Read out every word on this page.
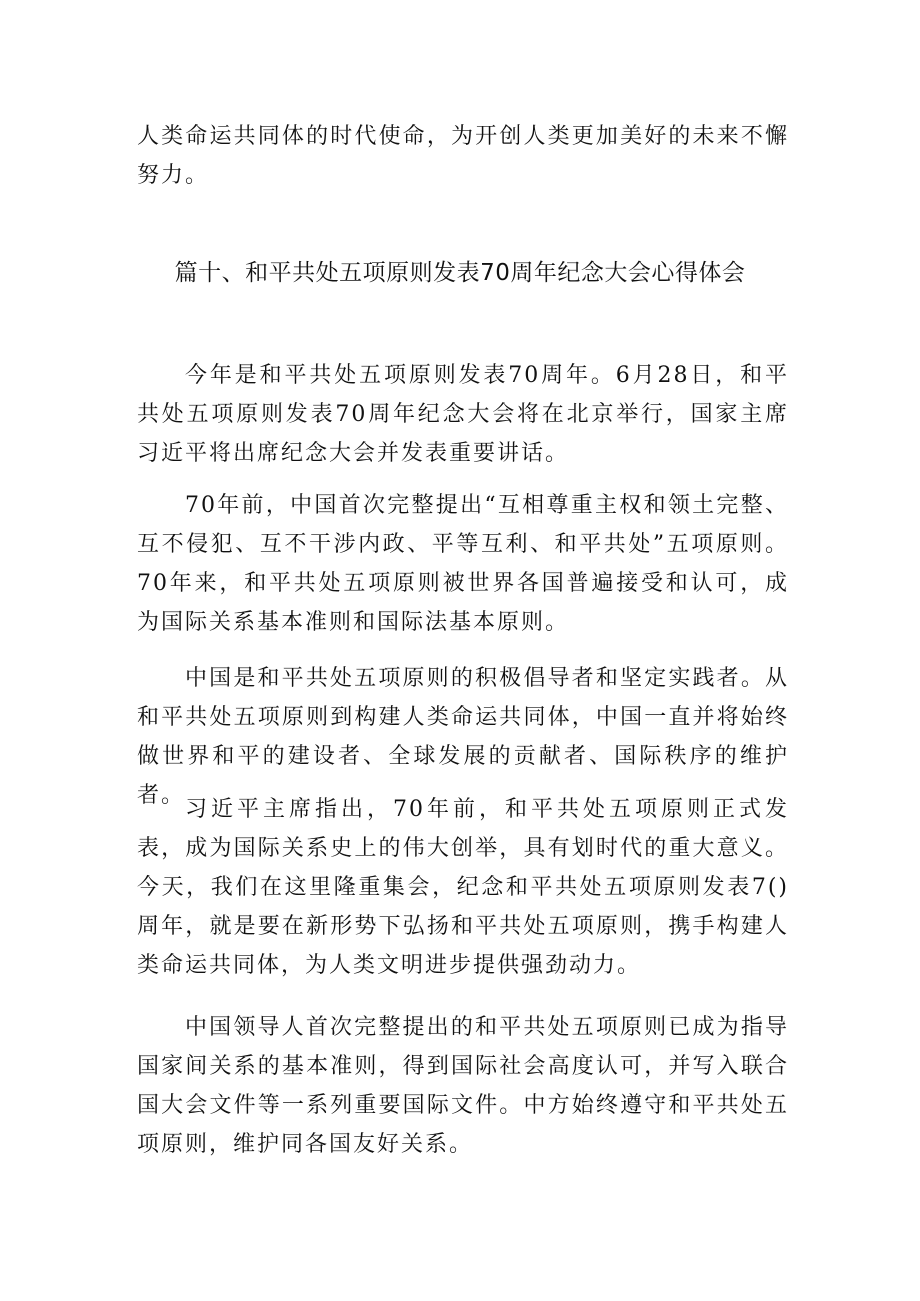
人类命运共同体的时代使命，为开创人类更加美好的未来不懈努力。

篇十、和平共处五项原则发表70周年纪念大会心得体会

今年是和平共处五项原则发表70周年。6月28日，和平共处五项原则发表70周年纪念大会将在北京举行，国家主席习近平将出席纪念大会并发表重要讲话。

70年前，中国首次完整提出“互相尊重主权和领土完整、互不侵犯、互不干涉内政、平等互利、和平共处”五项原则。70年来，和平共处五项原则被世界各国普遍接受和认可，成为国际关系基本准则和国际法基本原则。

中国是和平共处五项原则的积极倡导者和坚定实践者。从和平共处五项原则到构建人类命运共同体，中国一直并将始终做世界和平的建设者、全球发展的贡献者、国际秩序的维护者。

习近平主席指出，70年前，和平共处五项原则正式发表，成为国际关系史上的伟大创举，具有划时代的重大意义。今天，我们在这里隆重集会，纪念和平共处五项原则发表7()周年，就是要在新形势下弘扬和平共处五项原则，携手构建人类命运共同体，为人类文明进步提供强劲动力。

中国领导人首次完整提出的和平共处五项原则已成为指导国家间关系的基本准则，得到国际社会高度认可，并写入联合国大会文件等一系列重要国际文件。中方始终遵守和平共处五项原则，维护同各国友好关系。
